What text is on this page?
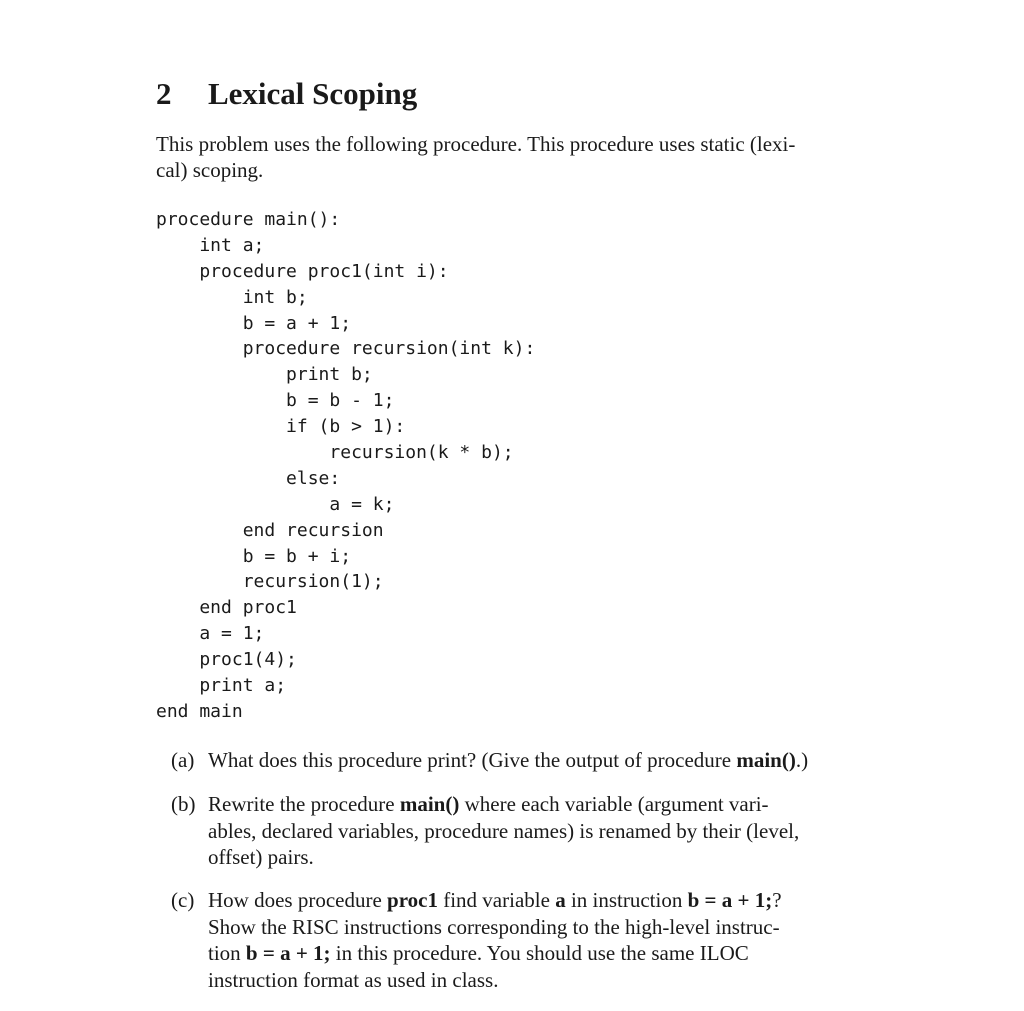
2 Lexical Scoping

This problem uses the following procedure. This procedure uses static (lexi-
cal) scoping.

procedure main():
int a;
procedure proc1(int i):
int b;
b = a + 1;
procedure recursion(int k):
print b;
b = b - 1;
if (b > 1):
recursion(k * b);
else:
a = k;
end recursion
b = b + i;
recursion(1);
end proc1
a = 1;
proc1(4);
print a;
end main
(a) What does this procedure print? (Give the output of procedure main().)
(b) Rewrite the procedure main() where each variable (argument vari-
ables, declared variables, procedure names) is renamed by their (level,
offset) pairs.
(c) How does procedure proc1 find variable a in instruction b = a + 1;?
Show the RISC instructions corresponding to the high-level instruc-
tion b = a + 1; in this procedure. You should use the same ILOC
instruction format as used in class.
